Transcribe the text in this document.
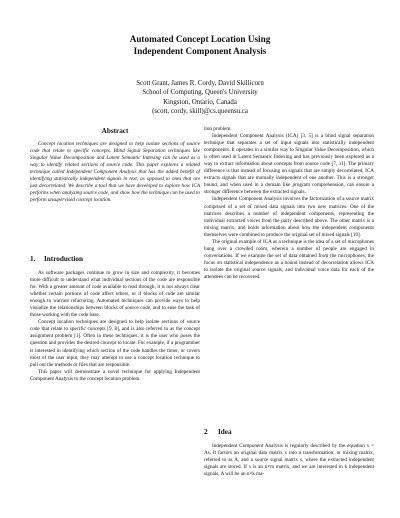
Automated Concept Location Using
Independent Component Analysis
Scott Grant, James R. Cordy, David Skillicorn
School of Computing, Queen's University
Kingston, Ontario, Canada
(scott, cordy, skill)@cs.queensu.ca
Abstract

Concept location techniques are designed to help isolate sections of source code that relate to specific concepts. Blind Signal Separation techniques like Singular Value Decomposition and Latent Semantic Indexing can be used as a way to identify related sections of source code. This paper explores a related technique called Independent Component Analysis that has the added benefit of identifying statistically independent signals in text, as opposed to ones that are just decorrelated. We describe a tool that we have developed to explore how ICA performs when analyzing source code, and show how the technique can be used to perform unsupervised concept location.

1. Introduction

As software packages continue to grow in size and complexity, it becomes more difficult to understand what individual sections of the code are responsible for. With a greater amount of code available to read through, it is not always clear whether certain portions of code affect others, or if blocks of code are similar enough to warrant refactoring. Automated techniques can provide ways to help visualize the relationships between blocks of source code, and to ease the task of those working with the code base.

Concept location techniques are designed to help isolate sections of source code that relate to specific concepts [9, 8], and is also referred to as the concept assignment problem [1]. Often in these techniques, it is the user who poses the question and provides the desired concept to locate. For example, if a programmer is interested in identifying which section of the code handles the timer, or covers most of the user input, they may attempt to use a concept location technique to pull out the methods or files that are responsible.

This paper will demonstrate a novel technique for applying Independent Component Analysis to the concept location problem.

tion problem.

Independent Component Analysis (ICA) [3, 5] is a blind signal separation technique that separates a set of input signals into statistically independent components. It operates in a similar way to Singular Value Decomposition, which is often used in Latent Semantic Indexing and has previously been explored as a way to extract information about concepts from source code [7, 11]. The primary difference is that instead of focusing on signals that are simply decorrelated, ICA extracts signals that are mutually independent of one another. This is a stronger bound, and when used in a domain like program comprehension, can ensure a stronger difference between the extracted signals.

Independent Component Analysis involves the factorization of a source matrix comprised of a set of mixed data signals into two new matrices. One of the matrices describes a number of independent components, representing the individual extracted voices from the party described above. The other matrix is a mixing matrix, and holds information about how the independent components themselves were combined to produce the original set of mixed signals [10].

The original example of ICA as a technique is the idea of a set of microphones hung over a crowded room, wherein a number of people are engaged in conversations. If we examine the set of data obtained from the microphones, the focus on statistical independence as a bound instead of decorrelation allows ICA to isolate the original source signals, and individual voice data for each of the attendees can be recovered.

2 Idea

Independent Component Analysis is regularly described by the equation x = As. It factors an original data matrix x into a transformation, or mixing matrix, referred to as A, and a source signal matrix s, where the extracted independent signals are stored. If x is an n×m matrix, and we are interested in k independent signals, A will be an n×k ma-
